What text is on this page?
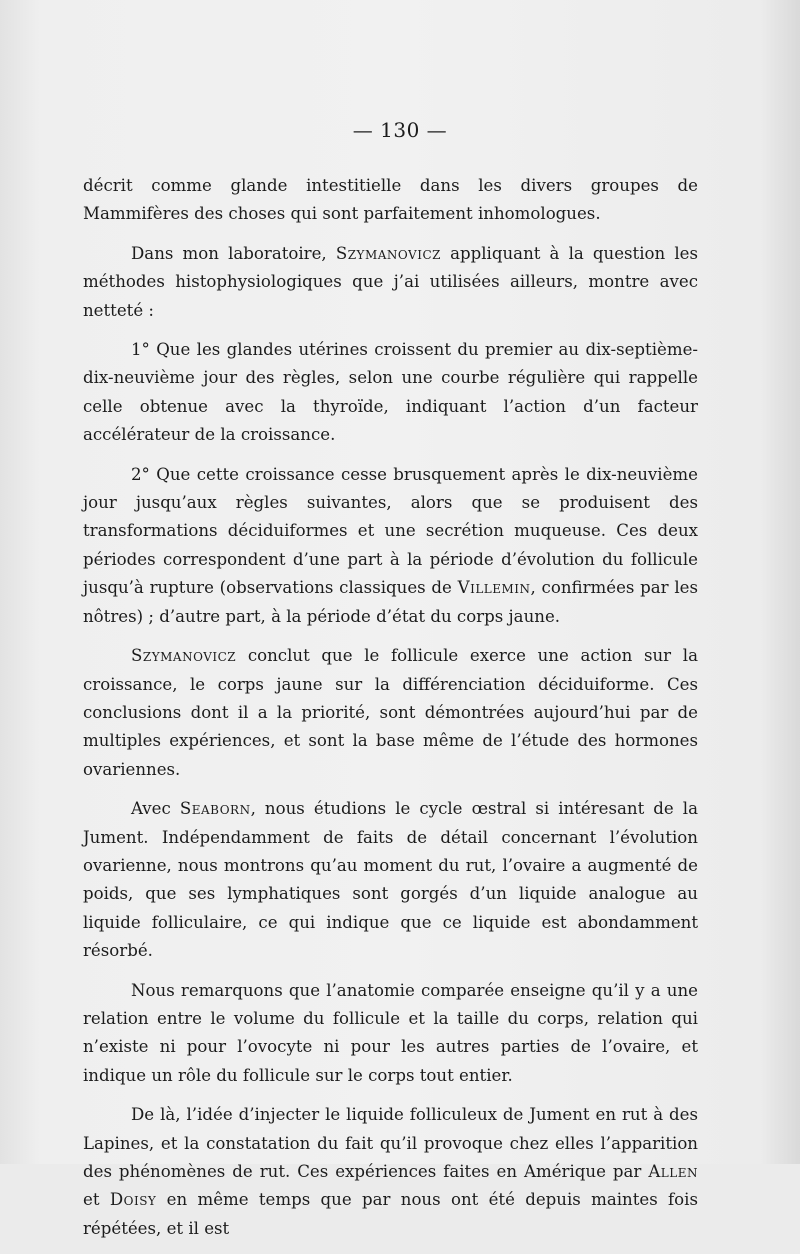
— 130 —

décrit comme glande intestitielle dans les divers groupes de Mammifères des choses qui sont parfaitement inhomologues.

Dans mon laboratoire, Szymanovicz appliquant à la question les méthodes histophysiologiques que j’ai utilisées ailleurs, montre avec netteté :

1° Que les glandes utérines croissent du premier au dix-septième-dix-neuvième jour des règles, selon une courbe régulière qui rappelle celle obtenue avec la thyroïde, indiquant l’action d’un facteur accélérateur de la croissance.

2° Que cette croissance cesse brusquement après le dix-neuvième jour jusqu’aux règles suivantes, alors que se produisent des transformations déciduiformes et une secrétion muqueuse. Ces deux périodes correspondent d’une part à la période d’évolution du follicule jusqu’à rupture (observations classiques de Villemin, confirmées par les nôtres) ; d’autre part, à la période d’état du corps jaune.

Szymanovicz conclut que le follicule exerce une action sur la croissance, le corps jaune sur la différenciation déciduiforme. Ces conclusions dont il a la priorité, sont démontrées aujourd’hui par de multiples expériences, et sont la base même de l’étude des hormones ovariennes.

Avec Seaborn, nous étudions le cycle œstral si intéresant de la Jument. Indépendamment de faits de détail concernant l’évolution ovarienne, nous montrons qu’au moment du rut, l’ovaire a augmenté de poids, que ses lymphatiques sont gorgés d’un liquide analogue au liquide folliculaire, ce qui indique que ce liquide est abondamment résorbé.

Nous remarquons que l’anatomie comparée enseigne qu’il y a une relation entre le volume du follicule et la taille du corps, relation qui n’existe ni pour l’ovocyte ni pour les autres parties de l’ovaire, et indique un rôle du follicule sur le corps tout entier.

De là, l’idée d’injecter le liquide folliculeux de Jument en rut à des Lapines, et la constatation du fait qu’il provoque chez elles l’apparition des phénomènes de rut. Ces expériences faites en Amérique par Allen et Doisy en même temps que par nous ont été depuis maintes fois répétées, et il est
